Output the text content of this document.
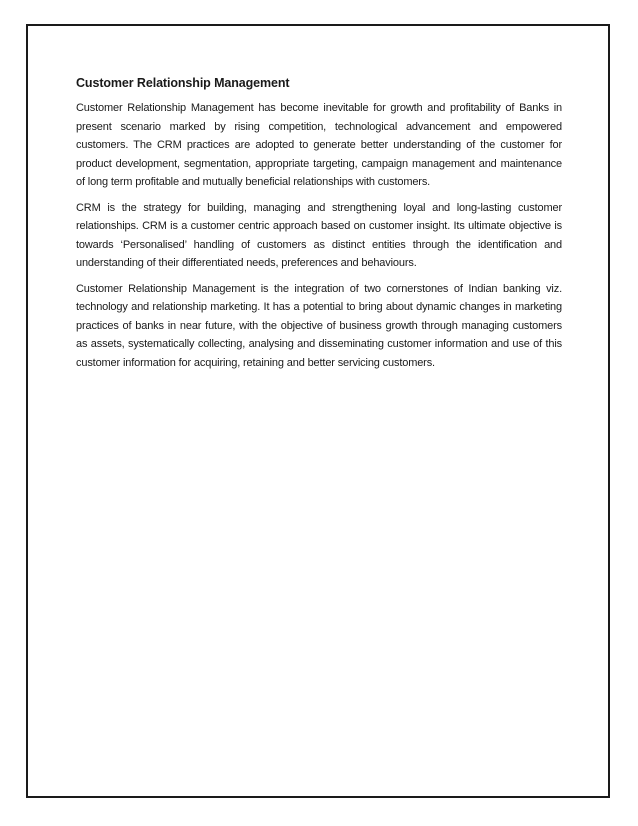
Customer Relationship Management

Customer Relationship Management has become inevitable for growth and profitability of Banks in present scenario marked by rising competition, technological advancement and empowered customers. The CRM practices are adopted to generate better understanding of the customer for product development, segmentation, appropriate targeting, campaign management and maintenance of long term profitable and mutually beneficial relationships with customers.

CRM is the strategy for building, managing and strengthening loyal and long-lasting customer relationships. CRM is a customer centric approach based on customer insight. Its ultimate objective is towards ‘Personalised’ handling of customers as distinct entities through the identification and understanding of their differentiated needs, preferences and behaviours.

Customer Relationship Management is the integration of two cornerstones of Indian banking viz. technology and relationship marketing. It has a potential to bring about dynamic changes in marketing practices of banks in near future, with the objective of business growth through managing customers as assets, systematically collecting, analysing and disseminating customer information and use of this customer information for acquiring, retaining and better servicing customers.
